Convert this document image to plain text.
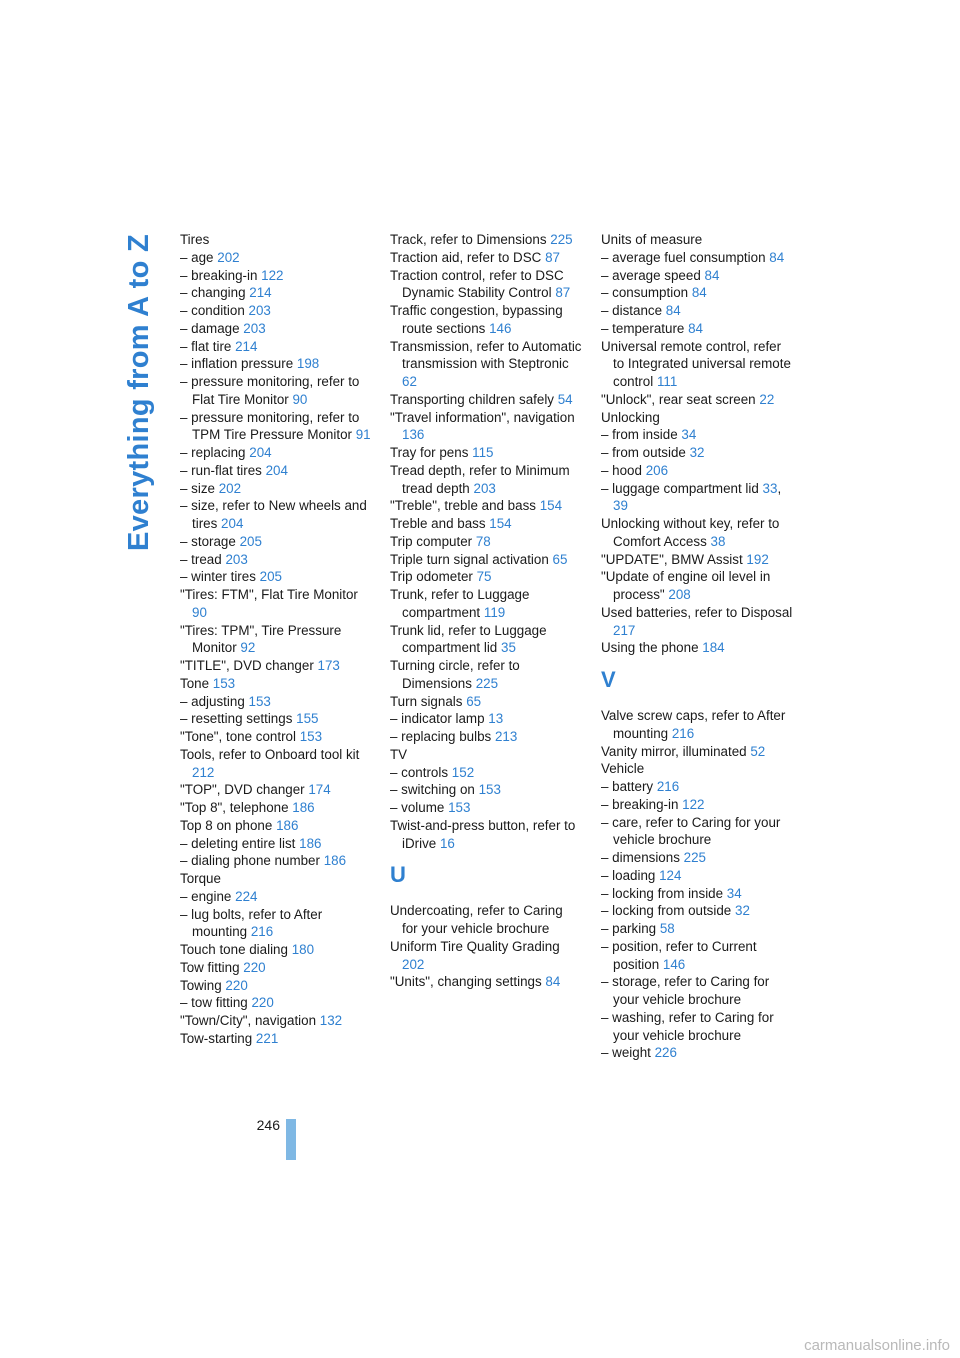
Everything from A to Z Tires
– age 202
– breaking-in 122
– changing 214
– condition 203
– damage 203
– flat tire 214
– inflation pressure 198
– pressure monitoring, refer to Flat Tire Monitor 90
– pressure monitoring, refer to TPM Tire Pressure Monitor 91
– replacing 204
– run-flat tires 204
– size 202
– size, refer to New wheels and tires 204
– storage 205
– tread 203
– winter tires 205
"Tires: FTM", Flat Tire Monitor 90
"Tires: TPM", Tire Pressure Monitor 92
"TITLE", DVD changer 173
Tone 153
– adjusting 153
– resetting settings 155
"Tone", tone control 153
Tools, refer to Onboard tool kit 212
"TOP", DVD changer 174
"Top 8", telephone 186
Top 8 on phone 186
– deleting entire list 186
– dialing phone number 186
Torque
– engine 224
– lug bolts, refer to After mounting 216
Touch tone dialing 180
Tow fitting 220
Towing 220
– tow fitting 220
"Town/City", navigation 132
Tow-starting 221
Track, refer to Dimensions 225
Traction aid, refer to DSC 87
Traction control, refer to DSC Dynamic Stability Control 87
Traffic congestion, bypassing route sections 146
Transmission, refer to Automatic transmission with Steptronic 62
Transporting children safely 54
"Travel information", navigation 136
Tray for pens 115
Tread depth, refer to Minimum tread depth 203
"Treble", treble and bass 154
Treble and bass 154
Trip computer 78
Triple turn signal activation 65
Trip odometer 75
Trunk, refer to Luggage compartment 119
Trunk lid, refer to Luggage compartment lid 35
Turning circle, refer to Dimensions 225
Turn signals 65
– indicator lamp 13
– replacing bulbs 213
TV
– controls 152
– switching on 153
– volume 153
Twist-and-press button, refer to iDrive 16
U
Undercoating, refer to Caring for your vehicle brochure
Uniform Tire Quality Grading 202
"Units", changing settings 84
Units of measure
– average fuel consumption 84
– average speed 84
– consumption 84
– distance 84
– temperature 84
Universal remote control, refer to Integrated universal remote control 111
"Unlock", rear seat screen 22
Unlocking
– from inside 34
– from outside 32
– hood 206
– luggage compartment lid 33, 39
Unlocking without key, refer to Comfort Access 38
"UPDATE", BMW Assist 192
"Update of engine oil level in process" 208
Used batteries, refer to Disposal 217
Using the phone 184
V
Valve screw caps, refer to After mounting 216
Vanity mirror, illuminated 52
Vehicle
– battery 216
– breaking-in 122
– care, refer to Caring for your vehicle brochure
– dimensions 225
– loading 124
– locking from inside 34
– locking from outside 32
– parking 58
– position, refer to Current position 146
– storage, refer to Caring for your vehicle brochure
– washing, refer to Caring for your vehicle brochure
– weight 226
246
carmanualsonline.info
